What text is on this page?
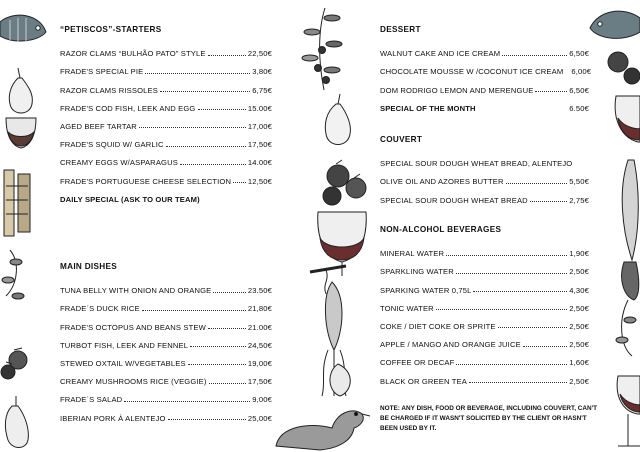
“PETISCOS”-STARTERS
RAZOR CLAMS “BULHÃO PATO” STYLE	22,50€
FRADE'S SPECIAL PIE	3,80€
RAZOR CLAMS RISSOLES	6,75€
FRADE'S COD FISH, LEEK AND EGG	15.00€
AGED BEEF TARTAR	17,00€
FRADE'S SQUID W/ GARLIC	17,50€
CREAMY EGGS W/ASPARAGUS	14.00€
FRADE'S PORTUGUESE CHEESE SELECTION 12,50€
DAILY SPECIAL (ASK TO OUR TEAM)
MAIN DISHES
TUNA BELLY WITH ONION AND ORANGE	23.50€
FRADE´S DUCK RICE	21,80€
FRADE'S OCTOPUS AND BEANS STEW	21.00€
TURBOT FISH, LEEK AND FENNEL	24,50€
STEWED OXTAIL W/VEGETABLES	19,00€
CREAMY MUSHROOMS RICE (VEGGIE)	17,50€
FRADE´S SALAD	9,00€
IBERIAN PORK À ALENTEJO	25,00€
DESSERT
WALNUT CAKE AND ICE CREAM	6,50€
CHOCOLATE MOUSSE W /COCONUT ICE CREAM 6,00€
DOM RODRIGO LEMON AND MERENGUE	6,50€
SPECIAL OF THE MONTH	6.50€
COUVERT
SPECIAL SOUR DOUGH WHEAT BREAD, ALENTEJO
OLIVE OIL AND AZORES BUTTER	5,50€
SPECIAL SOUR DOUGH WHEAT BREAD	2,75€
NON-ALCOHOL BEVERAGES
MINERAL WATER	1,90€
SPARKLING WATER	2,50€
SPARKING WATER 0,75L	4,30€
TONIC WATER	2,50€
COKE / DIET COKE OR SPRITE	2,50€
APPLE / MANGO AND ORANGE JUICE	2,50€
COFFEE OR DECAF	1,60€
BLACK OR GREEN TEA	2,50€
NOTE: ANY DISH, FOOD OR BEVERAGE, INCLUDING COUVERT, CAN'T BE CHARGED IF IT WASN'T SOLICITED BY THE CLIENT OR HASN'T BEEN USED BY IT.
